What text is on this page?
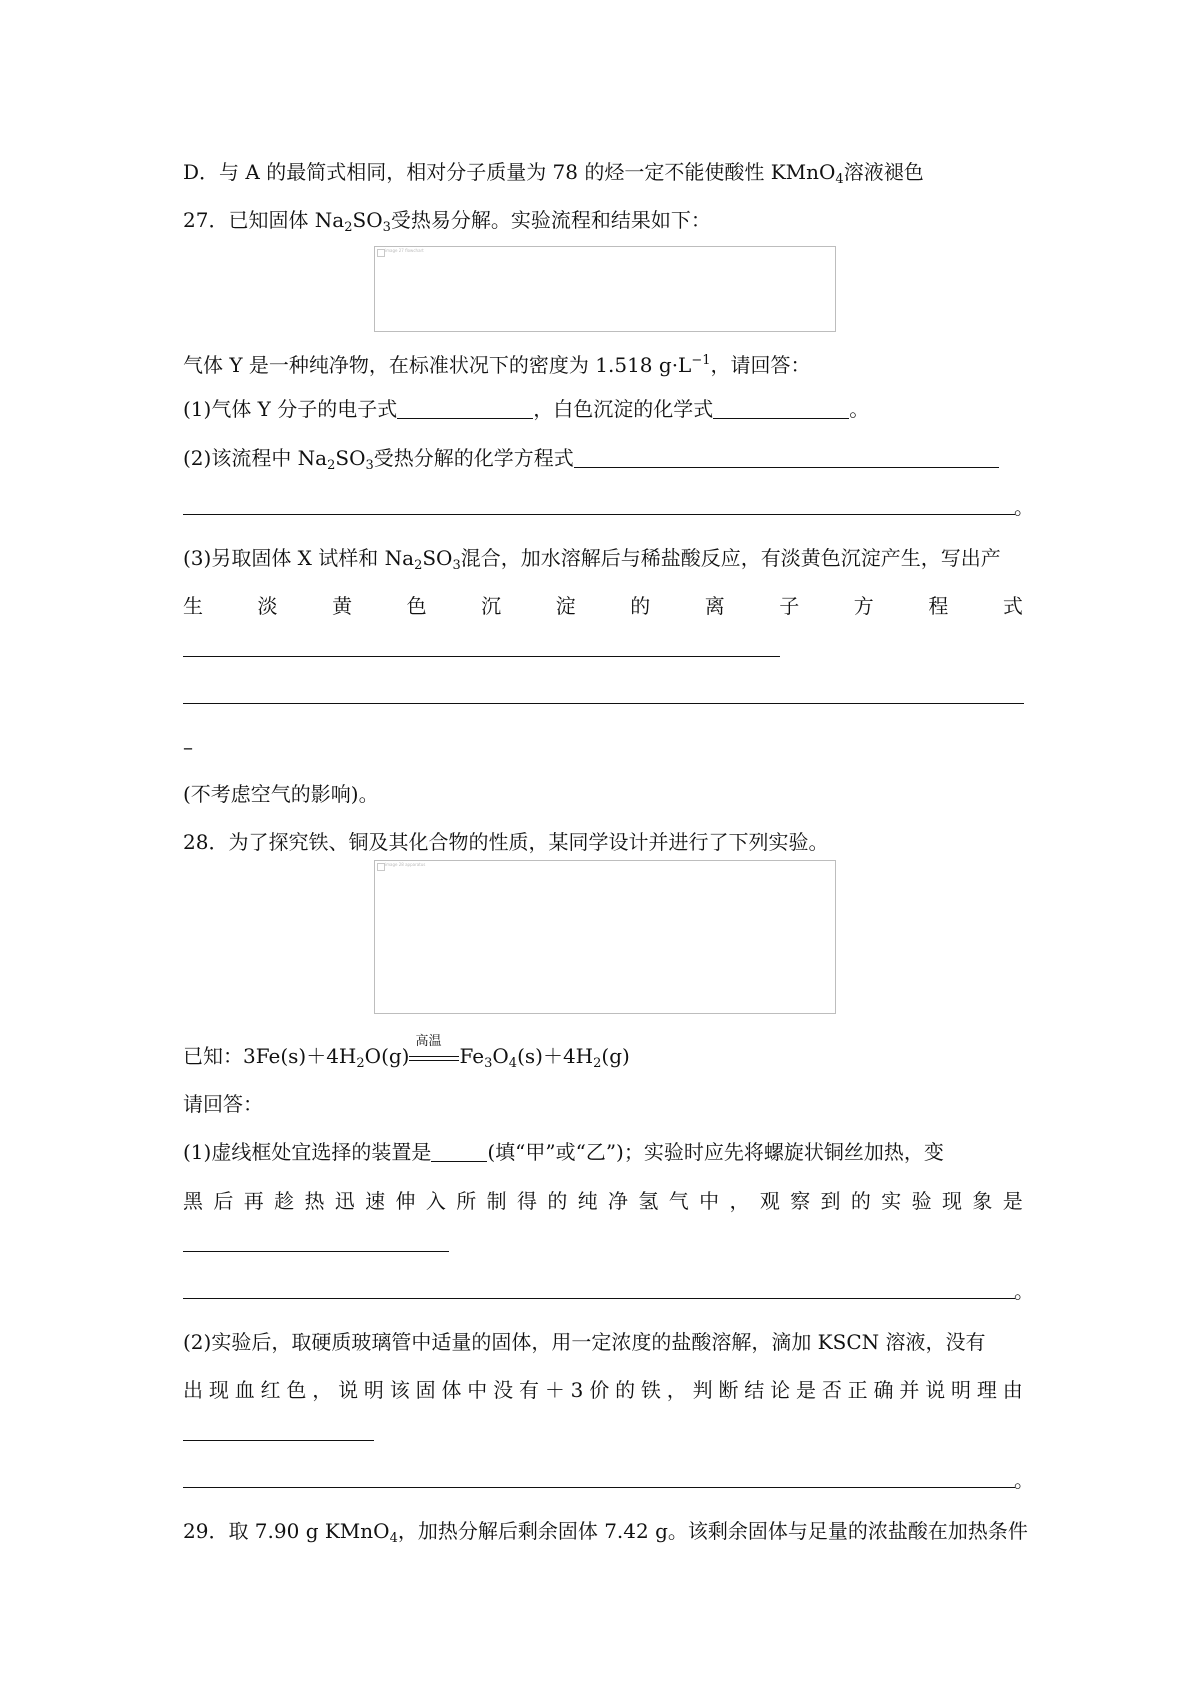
D．与 A 的最简式相同，相对分子质量为 78 的烃一定不能使酸性 KMnO$_4$溶液褪色
27．已知固体 $Na_2SO_3$受热易分解。实验流程和结果如下：
image 27 flowchart
气体 Y 是一种纯净物，在标准状况下的密度为 1.518 $g\cdot L^{-1}$，请回答：
(1)气体 Y 分子的电子式	，白色沉淀的化学式	。
(2)该流程中 $Na_2SO_3$受热分解的化学方程式
。
(3)另取固体 X 试样和 $Na_2SO_3$混合，加水溶解后与稀盐酸反应，有淡黄色沉淀产生，写出产
生	淡	黄	色	沉	淀	的	离	子	方	程	式
–
(不考虑空气的影响)。
28．为了探究铁、铜及其化合物的性质，某同学设计并进行了下列实验。
image 28 apparatus
已知：$3Fe(s)+4H_2O(g)$
高温
$Fe_3O_4(s)+4H_2(g)$
请回答：
(1)虚线框处宜选择的装置是	(填“甲”或“乙”)；实验时应先将螺旋状铜丝加热，变
黑 后 再 趁 热 迅 速 伸 入 所 制 得 的 纯 净 氢 气 中 ， 观 察 到 的 实 验 现 象 是
。
(2)实验后，取硬质玻璃管中适量的固体，用一定浓度的盐酸溶解，滴加 KSCN 溶液，没有
出 现 血 红 色 ， 说 明 该 固 体 中 没 有 ＋ 3 价 的 铁 ， 判 断 结 论 是 否 正 确 并 说 明 理 由
。
29．取 7.90 g KMnO$_4$，加热分解后剩余固体 7.42 g。该剩余固体与足量的浓盐酸在加热条件
